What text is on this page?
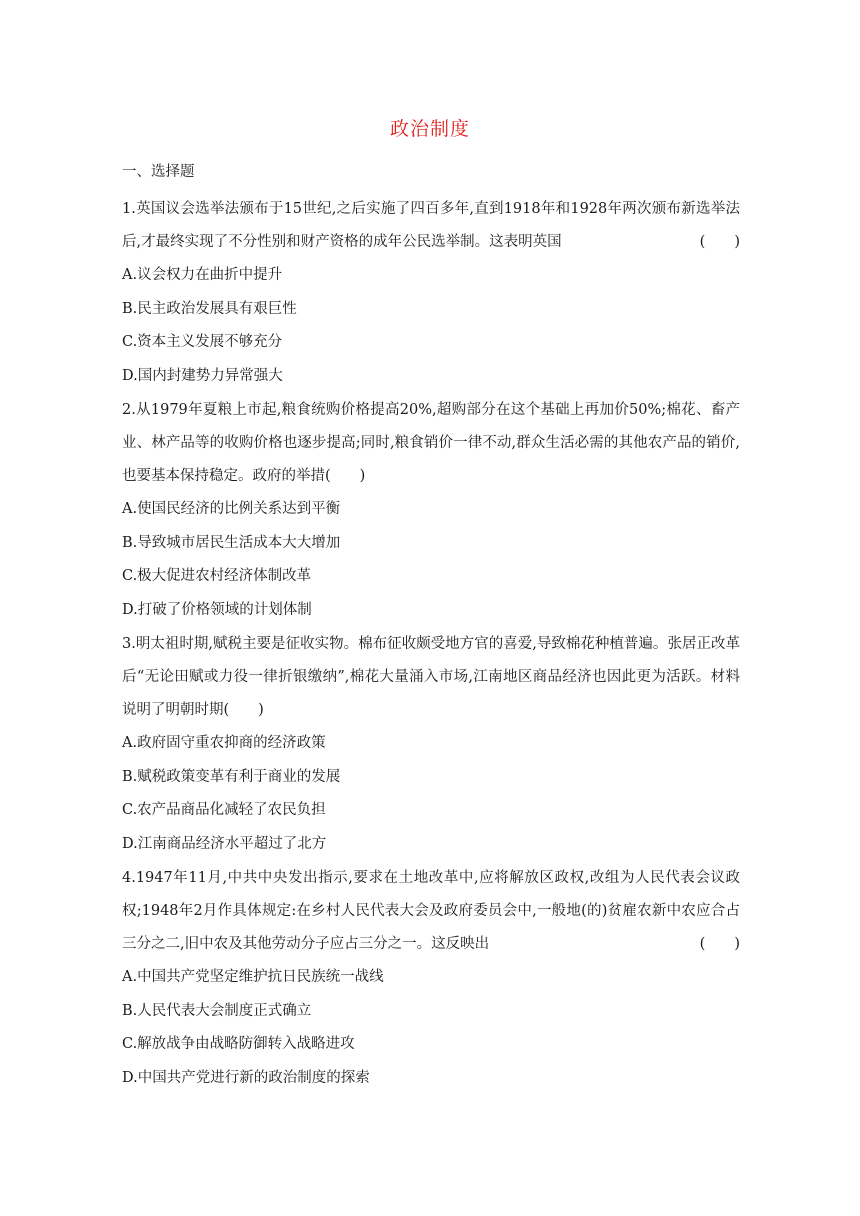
政治制度
一、选择题

1.英国议会选举法颁布于15世纪,之后实施了四百多年,直到1918年和1928年两次颁布新选举法后,才最终实现了不分性别和财产资格的成年公民选举制。这表明英国	(　　)

A.议会权力在曲折中提升

B.民主政治发展具有艰巨性

C.资本主义发展不够充分

D.国内封建势力异常强大

2.从1979年夏粮上市起,粮食统购价格提高20%,超购部分在这个基础上再加价50%;棉花、畜产业、林产品等的收购价格也逐步提高;同时,粮食销价一律不动,群众生活必需的其他农产品的销价,也要基本保持稳定。政府的举措(　　)

A.使国民经济的比例关系达到平衡

B.导致城市居民生活成本大大增加

C.极大促进农村经济体制改革

D.打破了价格领域的计划体制

3.明太祖时期,赋税主要是征收实物。棉布征收颇受地方官的喜爱,导致棉花种植普遍。张居正改革后“无论田赋或力役一律折银缴纳”,棉花大量涌入市场,江南地区商品经济也因此更为活跃。材料说明了明朝时期(　　)

A.政府固守重农抑商的经济政策

B.赋税政策变革有利于商业的发展

C.农产品商品化减轻了农民负担

D.江南商品经济水平超过了北方

4.1947年11月,中共中央发出指示,要求在土地改革中,应将解放区政权,改组为人民代表会议政权;1948年2月作具体规定:在乡村人民代表大会及政府委员会中,一般地(的)贫雇农新中农应合占三分之二,旧中农及其他劳动分子应占三分之一。这反映出	(　　)

A.中国共产党坚定维护抗日民族统一战线

B.人民代表大会制度正式确立

C.解放战争由战略防御转入战略进攻

D.中国共产党进行新的政治制度的探索
